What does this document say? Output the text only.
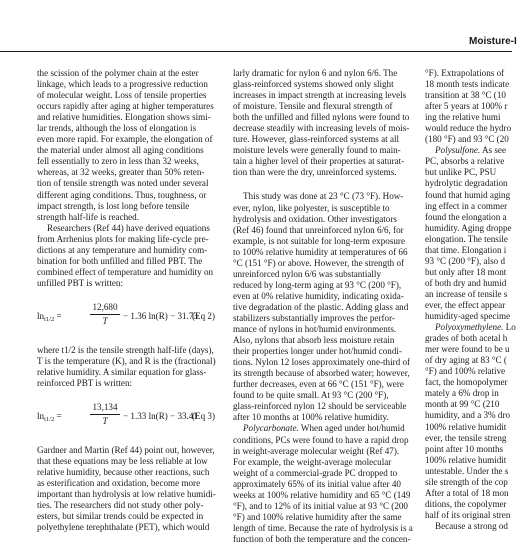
Moisture-I
the scission of the polymer chain at the ester
linkage, which leads to a progressive reduction
of molecular weight. Loss of tensile properties
occurs rapidly after aging at higher temperatures
and relative humidities. Elongation shows simi-
lar trends, although the loss of elongation is
even more rapid. For example, the elongation of
the material under almost all aging conditions
fell essentially to zero in less than 32 weeks,
whereas, at 32 weeks, greater than 50% reten-
tion of tensile strength was noted under several
different aging conditions. Thus, toughness, or
impact strength, is lost long before tensile
strength half-life is reached.
Researchers (Ref 44) have derived equations
from Arrhenius plots for making life-cycle pre-
dictions at any temperature and humidity com-
bination for both unfilled and filled PBT. The
combined effect of temperature and humidity on
unfilled PBT is written:
$\ln_{t1/2}$ =	$\frac{12,680}{T} - 1.36$ ln(R) − 31.73
(Eq 2)
where t1/2 is the tensile strength half-life (days),
T is the temperature (K), and R is the (fractional)
relative humidity. A similar equation for glass-
reinforced PBT is written:
$\ln_{t1/2}$ =	$\frac{13,134}{T} - 1.33$ ln(R) − 33.41
(Eq 3)
Gardner and Martin (Ref 44) point out, however,
that these equations may be less reliable at low
relative humidity, because other reactions, such
as esterification and oxidation, become more
important than hydrolysis at low relative humidi-
ties. The researchers did not study other poly-
esters, but similar trends could be expected in
polyethylene terephthalate (PET), which would
larly dramatic for nylon 6 and nylon 6/6. The
glass-reinforced systems showed only slight
increases in impact strength at increasing levels
of moisture. Tensile and flexural strength of
both the unfilled and filled nylons were found to
decrease steadily with increasing levels of mois-
ture. However, glass-reinforced systems at all
moisture levels were generally found to main-
tain a higher level of their properties at saturat-
tion than were the dry, unreinforced systems.
This study was done at 23 °C (73 °F). How-
ever, nylon, like polyester, is susceptible to
hydrolysis and oxidation. Other investigators
(Ref 46) found that unreinforced nylon 6/6, for
example, is not suitable for long-term exposure
to 100% relative humidity at temperatures of 66
°C (151 °F) or above. However, the strength of
unreinforced nylon 6/6 was substantially
reduced by long-term aging at 93 °C (200 °F),
even at 0% relative humidity, indicating oxida-
tive degradation of the plastic. Adding glass and
stabilizers substantially improves the perfor-
mance of nylons in hot/humid environments.
Also, nylons that absorb less moisture retain
their properties longer under hot/humid condi-
tions. Nylon 12 loses approximately one-third of
its strength because of absorbed water; however,
further decreases, even at 66 °C (151 °F), were
found to be quite small. At 93 °C (200 °F),
glass-reinforced nylon 12 should be serviceable
after 10 months at 100% relative humidity.
Polycarbonate. When aged under hot/humid
conditions, PCs were found to have a rapid drop
in weight-average molecular weight (Ref 47).
For example, the weight-average molecular
weight of a commercial-grade PC dropped to
approximately 65% of its initial value after 40
weeks at 100% relative humidity and 65 °C (149
°F), and to 12% of its initial value at 93 °C (200
°F) and 100% relative humidity after the same
length of time. Because the rate of hydrolysis is a
function of both the temperature and the concen-
°F). Extrapolations of
18 month tests indicate
transition at 38 °C (10
after 5 years at 100% r
ing the relative humi
would reduce the hydro
(180 °F) and 93 °C (20
Polysulfone. As see
PC, absorbs a relative
but unlike PC, PSU
hydrolytic degradation
found that humid aging
ing effect in a commer
found the elongation a
humidity. Aging droppe
elongation. The tensile
that time. Elongation i
93 °C (200 °F), also d
but only after 18 mont
of both dry and humid
an increase of tensile s
ever, the effect appear
humidity-aged specime
Polyoxymethylene. Lo
grades of both acetal h
mer were found to be u
of dry aging at 83 °C (
°F) and 100% relative
fact, the homopolymer
mately a 6% drop in
month at 99 °C (210
humidity, and a 3% dro
100% relative humidit
ever, the tensile streng
point after 10 months
100% relative humidit
untestable. Under the s
sile strength of the cop
After a total of 18 mon
ditions, the copolymer
half of its original stren
Because a strong od
